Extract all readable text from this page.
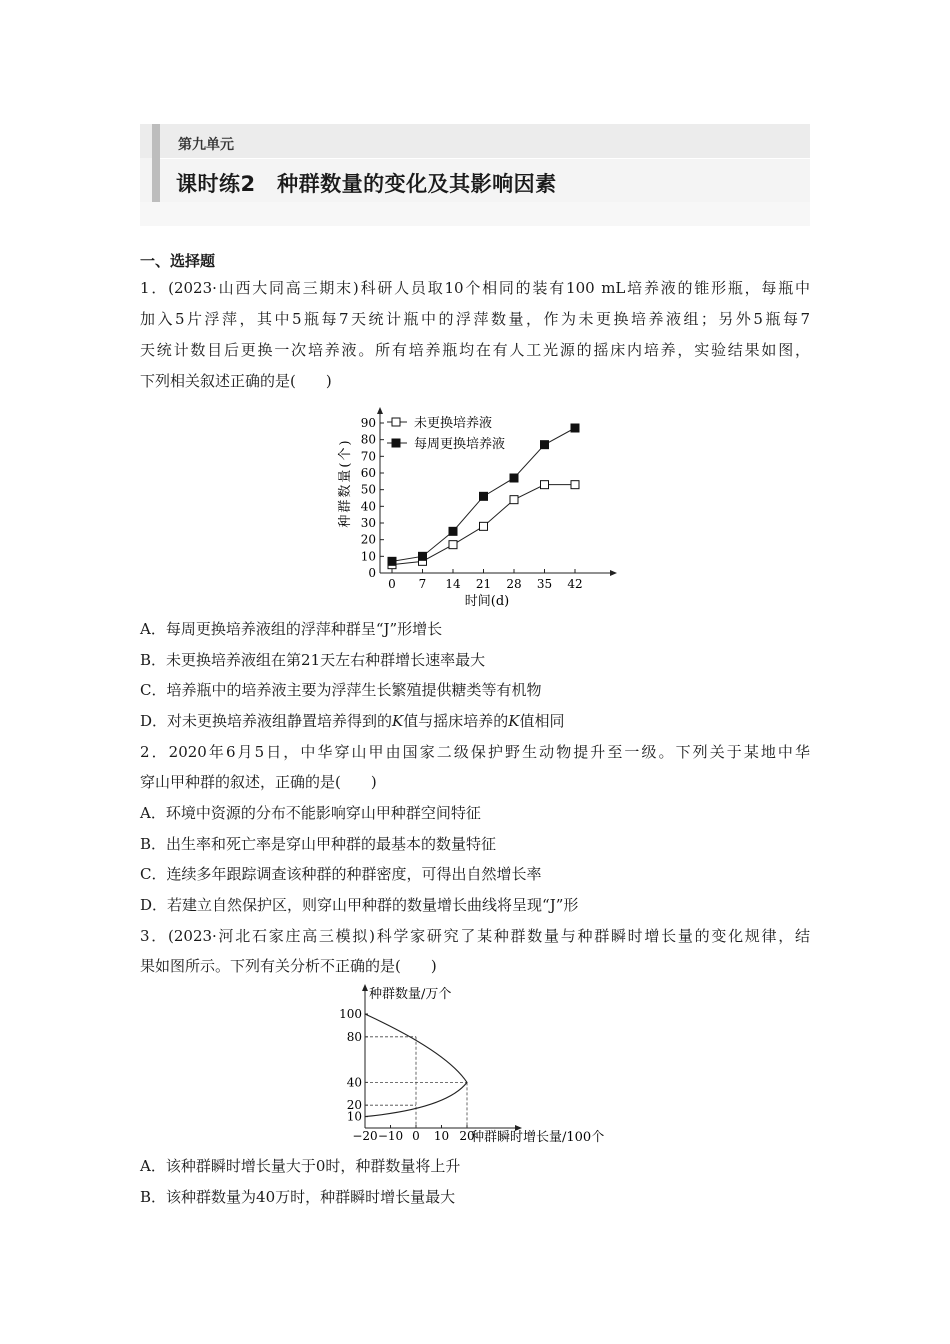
第九单元
课时练2　种群数量的变化及其影响因素
一、选择题
1．(2023·山西大同高三期末)科研人员取10个相同的装有100 mL培养液的锥形瓶，每瓶中
加入5片浮萍，其中5瓶每7天统计瓶中的浮萍数量，作为未更换培养液组；另外5瓶每7
天统计数目后更换一次培养液。所有培养瓶均在有人工光源的摇床内培养，实验结果如图，
下列相关叙述正确的是(　　)
0
10
20
30
40
50
60
70
80
90
0 7 14 21 28 35 42
时间(d)
种群数量(个)
未更换培养液
每周更换培养液
A．每周更换培养液组的浮萍种群呈“J”形增长
B．未更换培养液组在第21天左右种群增长速率最大
C．培养瓶中的培养液主要为浮萍生长繁殖提供糖类等有机物
D．对未更换培养液组静置培养得到的K值与摇床培养的K值相同
2．2020年6月5日，中华穿山甲由国家二级保护野生动物提升至一级。下列关于某地中华
穿山甲种群的叙述，正确的是(　　)
A．环境中资源的分布不能影响穿山甲种群空间特征
B．出生率和死亡率是穿山甲种群的最基本的数量特征
C．连续多年跟踪调查该种群的种群密度，可得出自然增长率
D．若建立自然保护区，则穿山甲种群的数量增长曲线将呈现“J”形
3．(2023·河北石家庄高三模拟)科学家研究了某种群数量与种群瞬时增长量的变化规律，结
果如图所示。下列有关分析不正确的是(　　)
种群数量/万个
种群瞬时增长量/100个
10
20
40
80
100
−20 −10 0 10 20
A．该种群瞬时增长量大于0时，种群数量将上升
B．该种群数量为40万时，种群瞬时增长量最大
